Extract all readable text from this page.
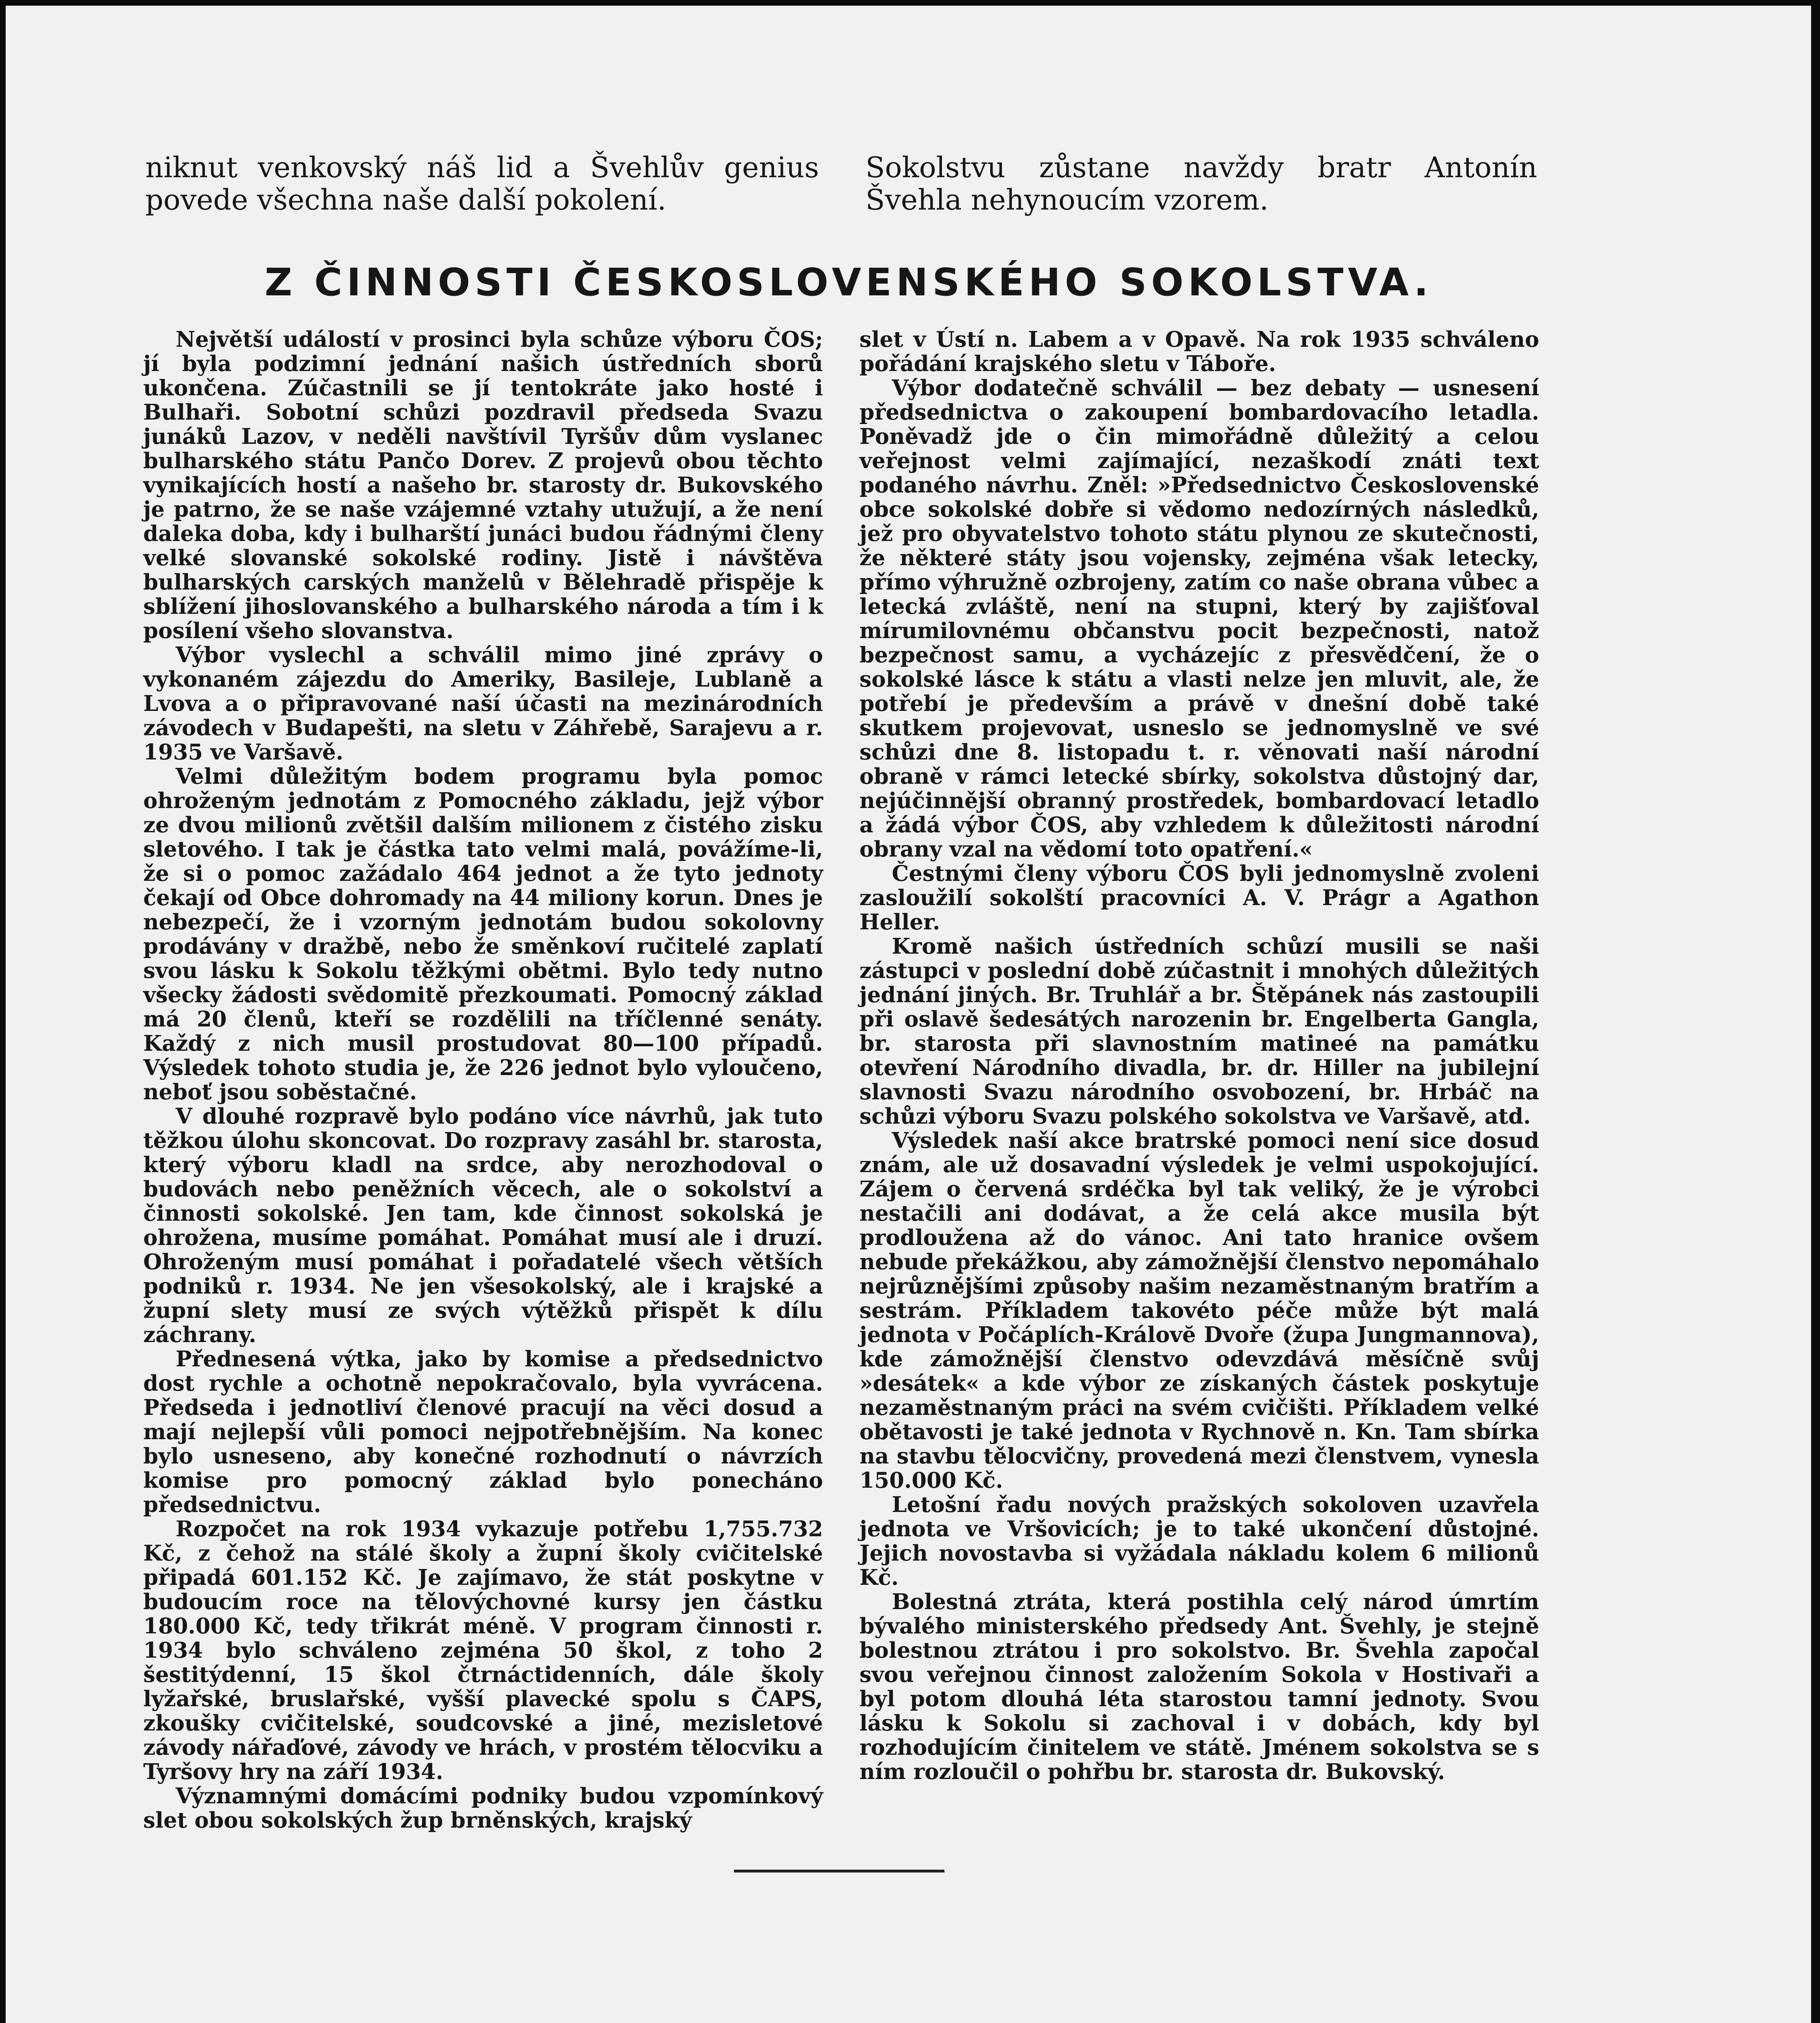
niknut venkovský náš lid a Švehlův genius povede všechna naše další pokolení.
Sokolstvu zůstane navždy bratr Antonín Švehla nehynoucím vzorem.
Z ČINNOSTI ČESKOSLOVENSKÉHO SOKOLSTVA.

Největší událostí v prosinci byla schůze výboru ČOS; jí byla podzimní jednání našich ústředních sborů ukončena. Zúčastnili se jí tentokráte jako hosté i Bulhaři. Sobotní schůzi pozdravil předseda Svazu junáků Lazov, v neděli navštívil Tyršův dům vyslanec bulharského státu Pančo Dorev. Z projevů obou těchto vynikajících hostí a našeho br. starosty dr. Bukovského je patrno, že se naše vzájemné vztahy utužují, a že není daleka doba, kdy i bulharští junáci budou řádnými členy velké slovanské sokolské rodiny. Jistě i návštěva bulharských carských manželů v Bělehradě přispěje k sblížení jihoslovanského a bulharského národa a tím i k posílení všeho slovanstva.

Výbor vyslechl a schválil mimo jiné zprávy o vykonaném zájezdu do Ameriky, Basileje, Lublaně a Lvova a o připravované naší účasti na mezinárodních závodech v Budapešti, na sletu v Záhřebě, Sarajevu a r. 1935 ve Varšavě.

Velmi důležitým bodem programu byla pomoc ohroženým jednotám z Pomocného základu, jejž výbor ze dvou milionů zvětšil dalším milionem z čistého zisku sletového. I tak je částka tato velmi malá, povážíme-li, že si o pomoc zažádalo 464 jednot a že tyto jednoty čekají od Obce dohromady na 44 miliony korun. Dnes je nebezpečí, že i vzorným jednotám budou sokolovny prodávány v dražbě, nebo že směnkoví ručitelé zaplatí svou lásku k Sokolu těžkými obětmi. Bylo tedy nutno všecky žádosti svědomitě přezkoumati. Pomocný základ má 20 členů, kteří se rozdělili na tříčlenné senáty. Každý z nich musil prostudovat 80—100 případů. Výsledek tohoto studia je, že 226 jednot bylo vyloučeno, neboť jsou soběstačné.

V dlouhé rozpravě bylo podáno více návrhů, jak tuto těžkou úlohu skoncovat. Do rozpravy zasáhl br. starosta, který výboru kladl na srdce, aby nerozhodoval o budovách nebo peněžních věcech, ale o sokolství a činnosti sokolské. Jen tam, kde činnost sokolská je ohrožena, musíme pomáhat. Pomáhat musí ale i druzí. Ohroženým musí pomáhat i pořadatelé všech větších podniků r. 1934. Ne jen všesokolský, ale i krajské a župní slety musí ze svých výtěžků přispět k dílu záchrany.

Přednesená výtka, jako by komise a předsednictvo dost rychle a ochotně nepokračovalo, byla vyvrácena. Předseda i jednotliví členové pracují na věci dosud a mají nejlepší vůli pomoci nejpotřebnějším. Na konec bylo usneseno, aby konečné rozhodnutí o návrzích komise pro pomocný základ bylo ponecháno předsednictvu.

Rozpočet na rok 1934 vykazuje potřebu 1,755.732 Kč, z čehož na stálé školy a župní školy cvičitelské připadá 601.152 Kč. Je zajímavo, že stát poskytne v budoucím roce na tělovýchovné kursy jen částku 180.000 Kč, tedy třikrát méně. V program činnosti r. 1934 bylo schváleno zejména 50 škol, z toho 2 šestitýdenní, 15 škol čtrnáctidenních, dále školy lyžařské, bruslařské, vyšší plavecké spolu s ČAPS, zkoušky cvičitelské, soudcovské a jiné, mezisletové závody nářaďové, závody ve hrách, v prostém tělocviku a Tyršovy hry na září 1934.

Významnými domácími podniky budou vzpomínkový slet obou sokolských žup brněnských, krajský

slet v Ústí n. Labem a v Opavě. Na rok 1935 schváleno pořádání krajského sletu v Táboře.

Výbor dodatečně schválil — bez debaty — usnesení předsednictva o zakoupení bombardovacího letadla. Poněvadž jde o čin mimořádně důležitý a celou veřejnost velmi zajímající, nezaškodí znáti text podaného návrhu. Zněl: »Předsednictvo Československé obce sokolské dobře si vědomo nedozírných následků, jež pro obyvatelstvo tohoto státu plynou ze skutečnosti, že některé státy jsou vojensky, zejména však letecky, přímo výhružně ozbrojeny, zatím co naše obrana vůbec a letecká zvláště, není na stupni, který by zajišťoval mírumilovnému občanstvu pocit bezpečnosti, natož bezpečnost samu, a vycházejíc z přesvědčení, že o sokolské lásce k státu a vlasti nelze jen mluvit, ale, že potřebí je především a právě v dnešní době také skutkem projevovat, usneslo se jednomyslně ve své schůzi dne 8. listopadu t. r. věnovati naší národní obraně v rámci letecké sbírky, sokolstva důstojný dar, nejúčinnější obranný prostředek, bombardovací letadlo a žádá výbor ČOS, aby vzhledem k důležitosti národní obrany vzal na vědomí toto opatření.«

Čestnými členy výboru ČOS byli jednomyslně zvoleni zasloužilí sokolští pracovníci A. V. Prágr a Agathon Heller.

Kromě našich ústředních schůzí musili se naši zástupci v poslední době zúčastnit i mnohých důležitých jednání jiných. Br. Truhlář a br. Štěpánek nás zastoupili při oslavě šedesátých narozenin br. Engelberta Gangla, br. starosta při slavnostním matineé na památku otevření Národního divadla, br. dr. Hiller na jubilejní slavnosti Svazu národního osvobození, br. Hrbáč na schůzi výboru Svazu polského sokolstva ve Varšavě, atd.

Výsledek naší akce bratrské pomoci není sice dosud znám, ale už dosavadní výsledek je velmi uspokojující. Zájem o červená srdéčka byl tak veliký, že je výrobci nestačili ani dodávat, a že celá akce musila být prodloužena až do vánoc. Ani tato hranice ovšem nebude překážkou, aby zámožnější členstvo nepomáhalo nejrůznějšími způsoby našim nezaměstnaným bratřím a sestrám. Příkladem takovéto péče může být malá jednota v Počáplích-Královĕ Dvoře (župa Jungmannova), kde zámožnější členstvo odevzdává měsíčně svůj »desátek« a kde výbor ze získaných částek poskytuje nezaměstnaným práci na svém cvičišti. Příkladem velké obětavosti je také jednota v Rychnově n. Kn. Tam sbírka na stavbu tělocvičny, provedená mezi členstvem, vynesla 150.000 Kč.

Letošní řadu nových pražských sokoloven uzavřela jednota ve Vršovicích; je to také ukončení důstojné. Jejich novostavba si vyžádala nákladu kolem 6 milionů Kč.

Bolestná ztráta, která postihla celý národ úmrtím bývalého ministerského předsedy Ant. Švehly, je stejně bolestnou ztrátou i pro sokolstvo. Br. Švehla započal svou veřejnou činnost založením Sokola v Hostivaři a byl potom dlouhá léta starostou tamní jednoty. Svou lásku k Sokolu si zachoval i v dobách, kdy byl rozhodujícím činitelem ve státě. Jménem sokolstva se s ním rozloučil o pohřbu br. starosta dr. Bukovský.
